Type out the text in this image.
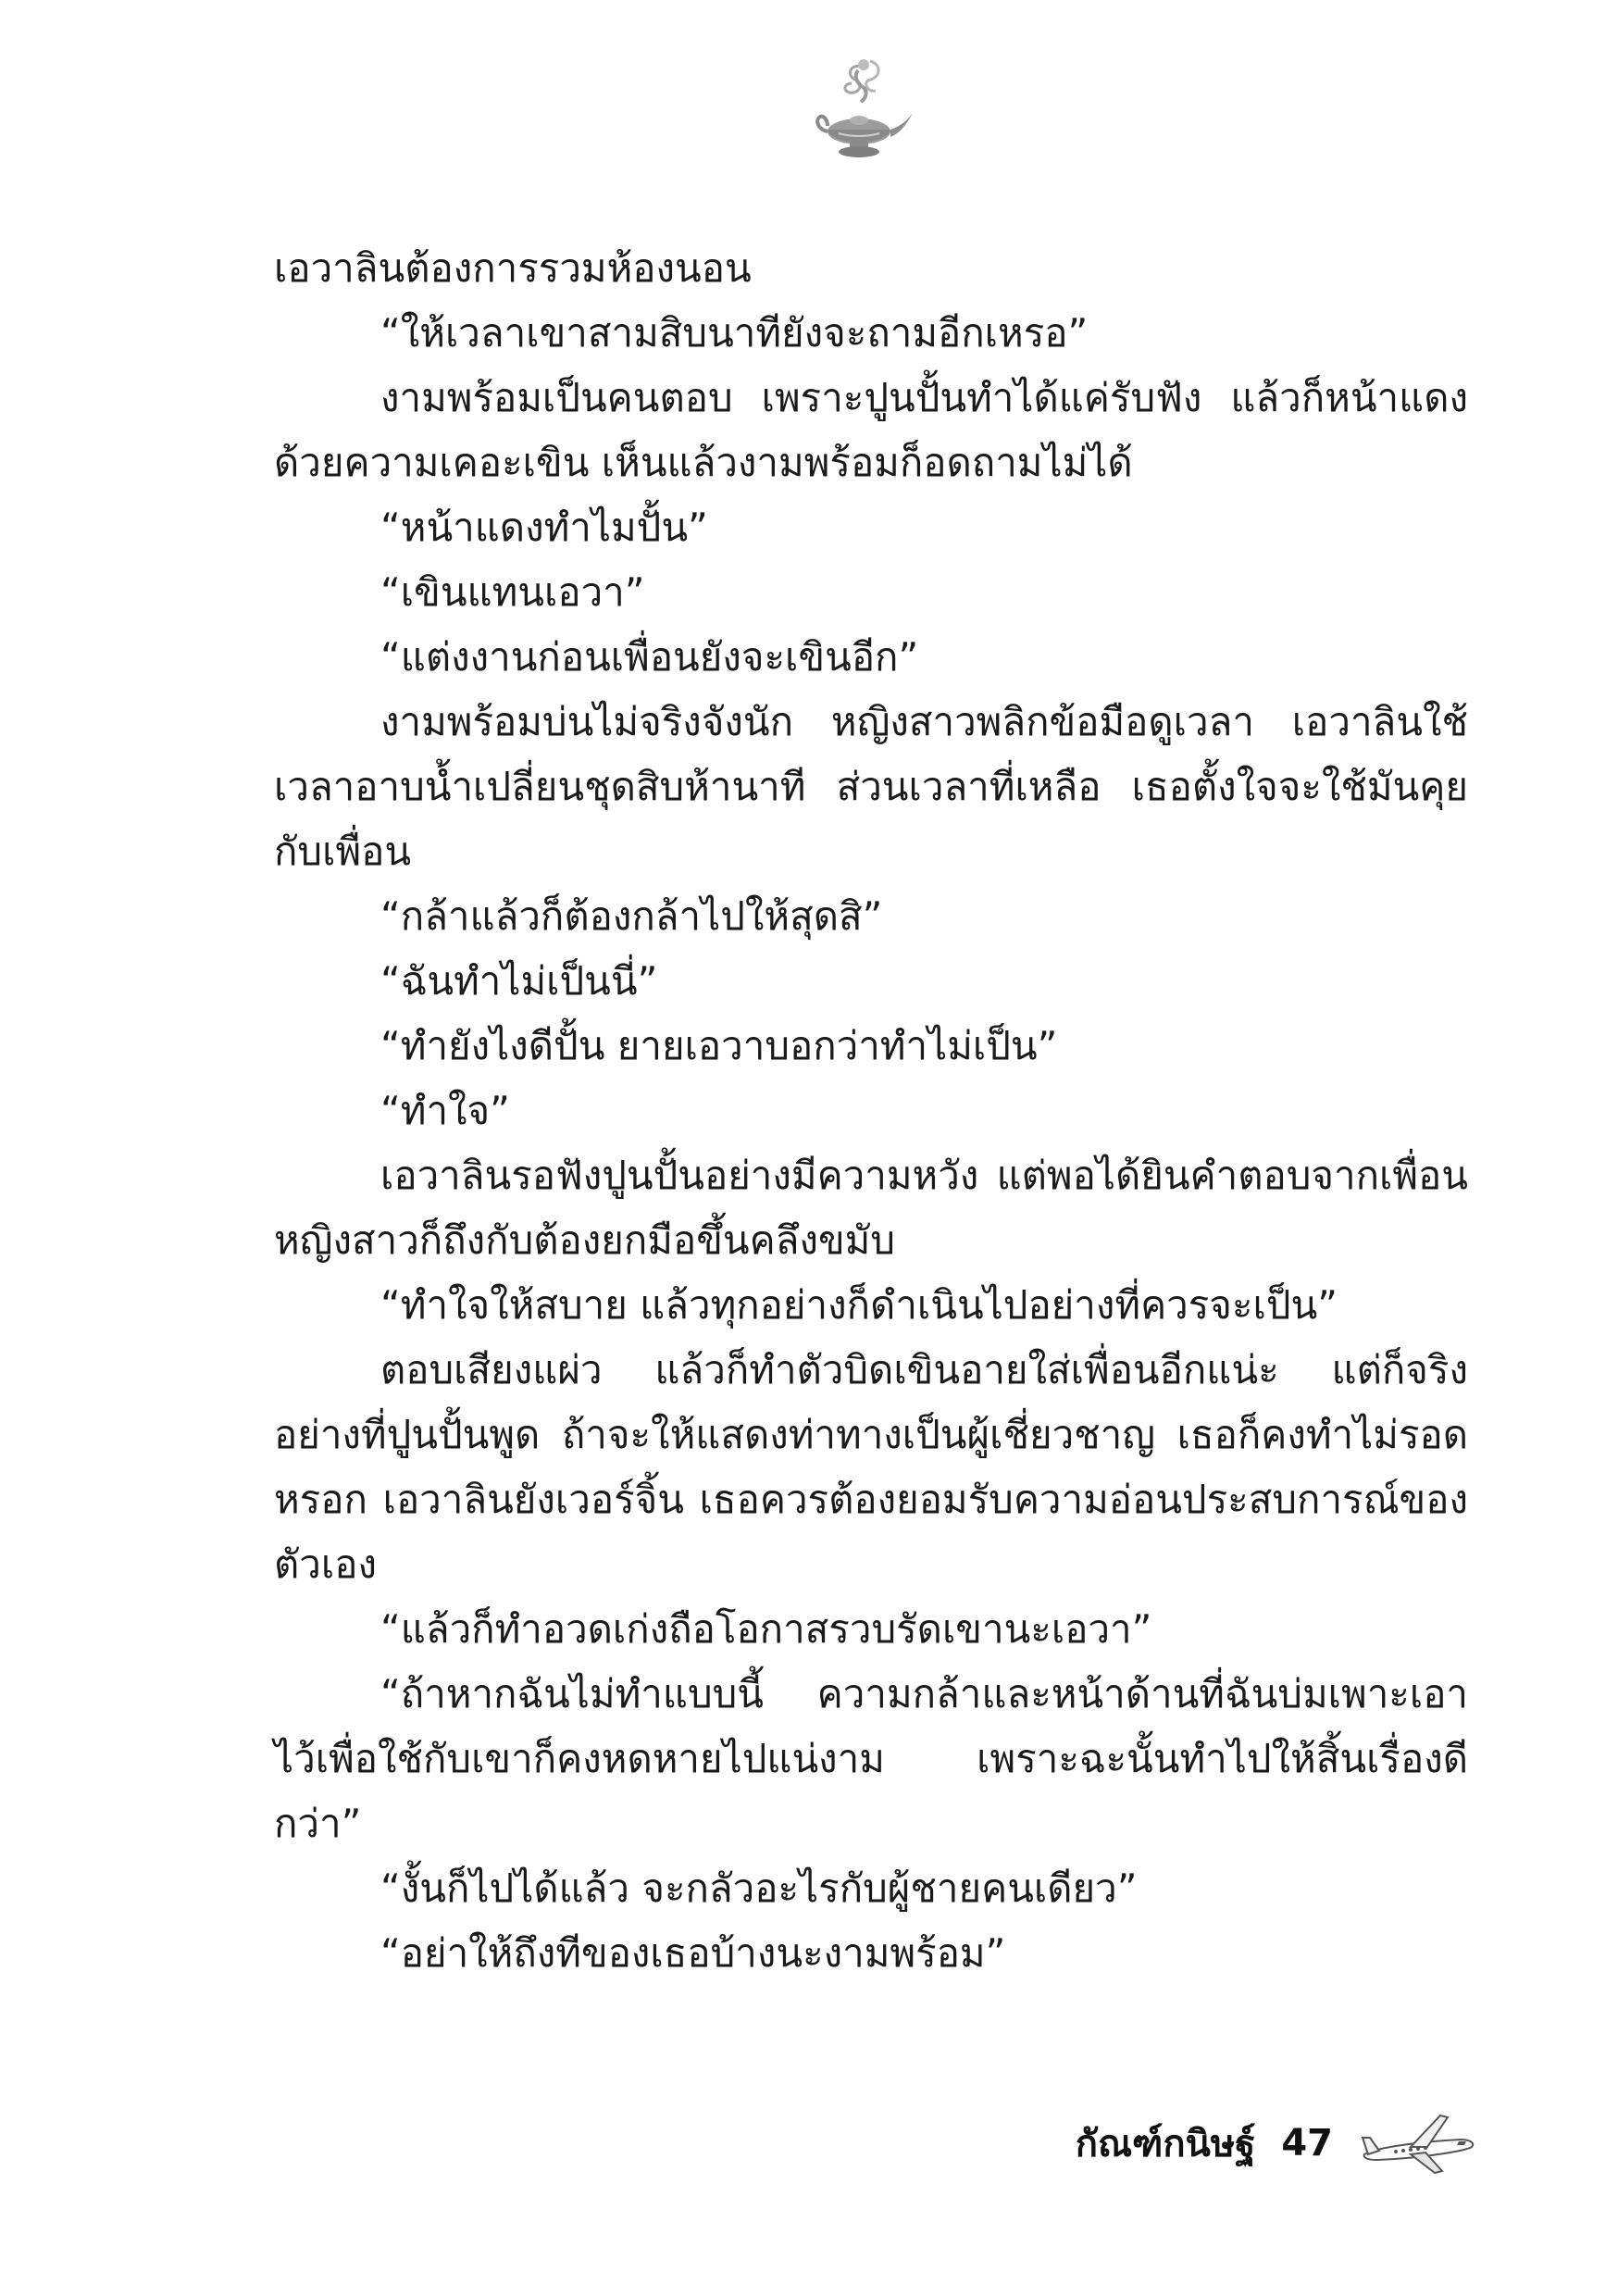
เอวาลินต้องการรวมห้องนอน

“ให้เวลาเขาสามสิบนาทียังจะถามอีกเหรอ”

งามพร้อมเป็นคนตอบ เพราะปูนปั้นทำได้แค่รับฟัง แล้วก็หน้าแดงด้วยความเคอะเขิน เห็นแล้วงามพร้อมก็อดถามไม่ได้

“หน้าแดงทำไมปั้น”

“เขินแทนเอวา”

“แต่งงานก่อนเพื่อนยังจะเขินอีก”

งามพร้อมบ่นไม่จริงจังนัก หญิงสาวพลิกข้อมือดูเวลา เอวาลินใช้เวลาอาบน้ำเปลี่ยนชุดสิบห้านาที ส่วนเวลาที่เหลือ เธอตั้งใจจะใช้มันคุยกับเพื่อน

“กล้าแล้วก็ต้องกล้าไปให้สุดสิ”

“ฉันทำไม่เป็นนี่”

“ทำยังไงดีปั้น ยายเอวาบอกว่าทำไม่เป็น”

“ทำใจ”

เอวาลินรอฟังปูนปั้นอย่างมีความหวัง แต่พอได้ยินคำตอบจากเพื่อนหญิงสาวก็ถึงกับต้องยกมือขึ้นคลึงขมับ

“ทำใจให้สบาย แล้วทุกอย่างก็ดำเนินไปอย่างที่ควรจะเป็น”

ตอบเสียงแผ่ว แล้วก็ทำตัวบิดเขินอายใส่เพื่อนอีกแน่ะ แต่ก็จริงอย่างที่ปูนปั้นพูด ถ้าจะให้แสดงท่าทางเป็นผู้เชี่ยวชาญ เธอก็คงทำไม่รอดหรอก เอวาลินยังเวอร์จิ้น เธอควรต้องยอมรับความอ่อนประสบการณ์ของตัวเอง

“แล้วก็ทำอวดเก่งถือโอกาสรวบรัดเขานะเอวา”

“ถ้าหากฉันไม่ทำแบบนี้ ความกล้าและหน้าด้านที่ฉันบ่มเพาะเอาไว้เพื่อใช้กับเขาก็คงหดหายไปแน่งาม เพราะฉะนั้นทำไปให้สิ้นเรื่องดีกว่า”

“งั้นก็ไปได้แล้ว จะกลัวอะไรกับผู้ชายคนเดียว”

“อย่าให้ถึงทีของเธอบ้างนะงามพร้อม”

กัณฑ์กนิษฐ์ 47
